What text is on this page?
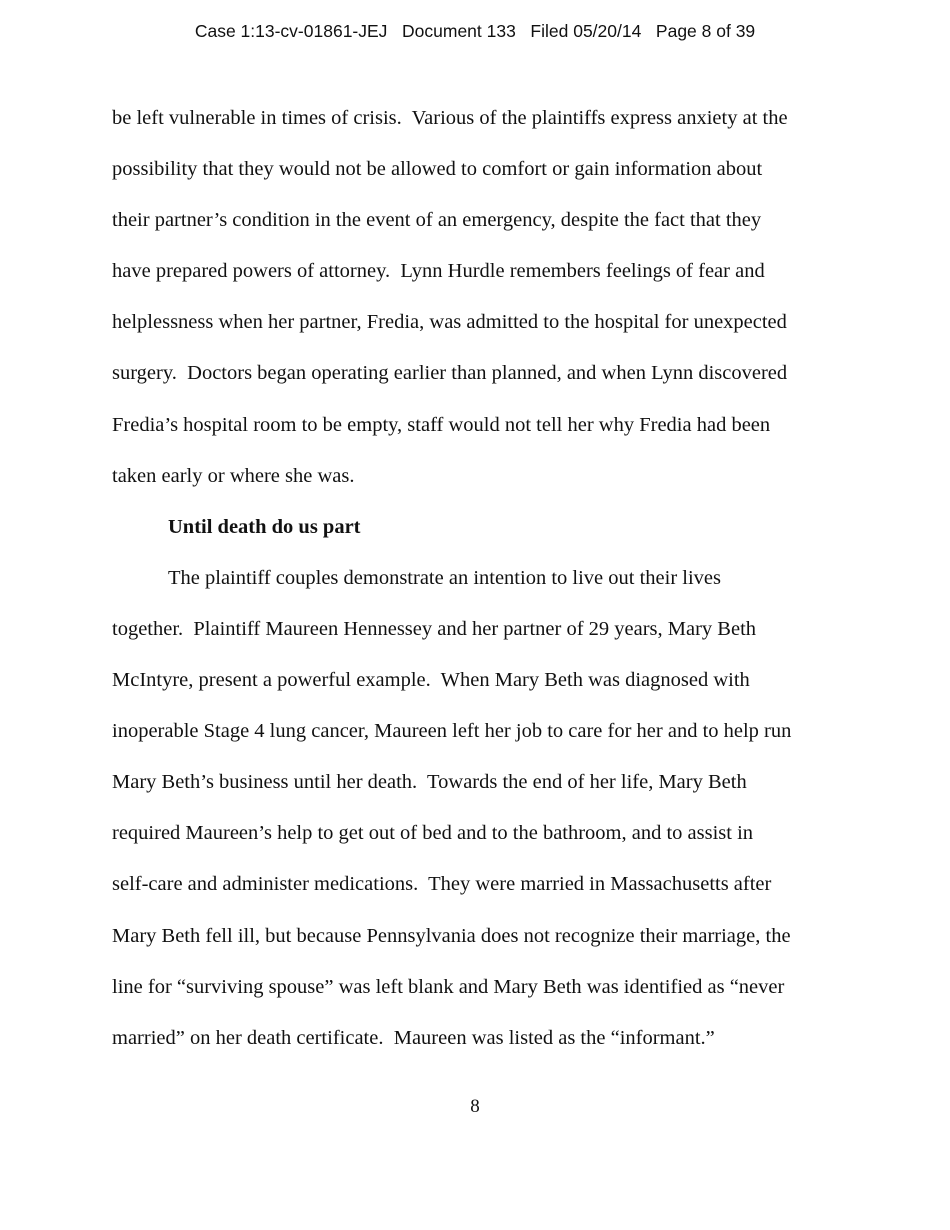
Case 1:13-cv-01861-JEJ   Document 133   Filed 05/20/14   Page 8 of 39
be left vulnerable in times of crisis.  Various of the plaintiffs express anxiety at the
possibility that they would not be allowed to comfort or gain information about
their partner’s condition in the event of an emergency, despite the fact that they
have prepared powers of attorney.  Lynn Hurdle remembers feelings of fear and
helplessness when her partner, Fredia, was admitted to the hospital for unexpected
surgery.  Doctors began operating earlier than planned, and when Lynn discovered
Fredia’s hospital room to be empty, staff would not tell her why Fredia had been
taken early or where she was.
Until death do us part
The plaintiff couples demonstrate an intention to live out their lives
together.  Plaintiff Maureen Hennessey and her partner of 29 years, Mary Beth
McIntyre, present a powerful example.  When Mary Beth was diagnosed with
inoperable Stage 4 lung cancer, Maureen left her job to care for her and to help run
Mary Beth’s business until her death.  Towards the end of her life, Mary Beth
required Maureen’s help to get out of bed and to the bathroom, and to assist in
self-care and administer medications.  They were married in Massachusetts after
Mary Beth fell ill, but because Pennsylvania does not recognize their marriage, the
line for “surviving spouse” was left blank and Mary Beth was identified as “never
married” on her death certificate.  Maureen was listed as the “informant.”
8
